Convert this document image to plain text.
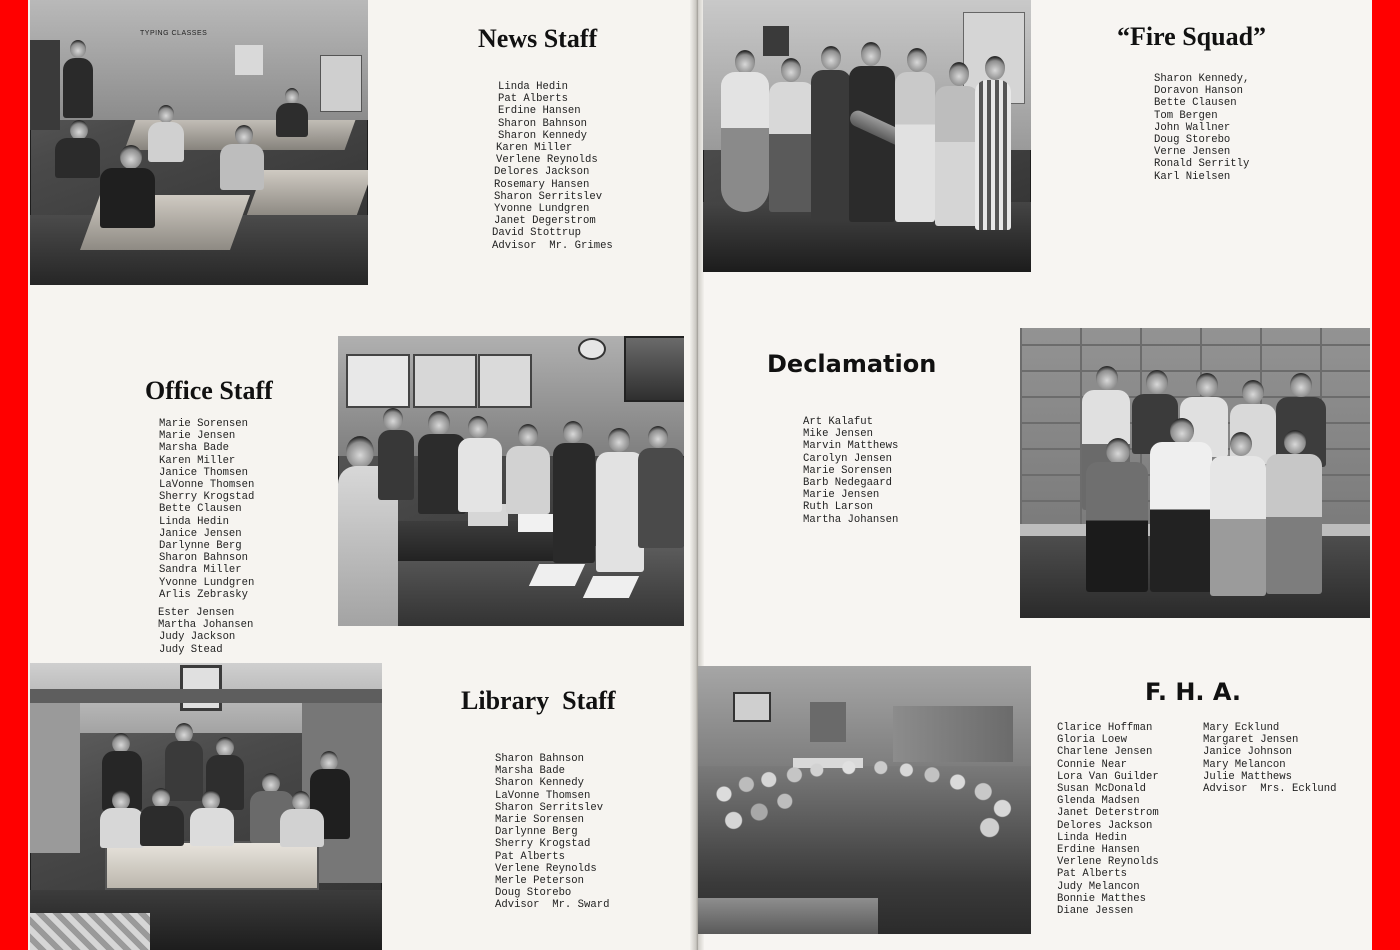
TYPING CLASSES	News Staff
Linda Hedin
Pat Alberts
Erdine Hansen
Sharon Bahnson
Sharon Kennedy
Karen Miller
Verlene Reynolds
Delores Jackson
Rosemary Hansen
Sharon Serritslev
Yvonne Lundgren
Janet Degerstrom
David Stottrup
Advisor  Mr. Grimes
Office Staff
Marie Sorensen
Marie Jensen
Marsha Bade
Karen Miller
Janice Thomsen
LaVonne Thomsen
Sherry Krogstad
Bette Clausen
Linda Hedin
Janice Jensen
Darlynne Berg
Sharon Bahnson
Sandra Miller
Yvonne Lundgren
Arlis Zebrasky
Ester Jensen
Martha Johansen
Judy Jackson
Judy Stead
Library  Staff
Sharon Bahnson
Marsha Bade
Sharon Kennedy
LaVonne Thomsen
Sharon Serritslev
Marie Sorensen
Darlynne Berg
Sherry Krogstad
Pat Alberts
Verlene Reynolds
Merle Peterson
Doug Storebo
Advisor  Mr. Sward
“Fire Squad”
Sharon Kennedy,
Doravon Hanson
Bette Clausen
Tom Bergen
John Wallner
Doug Storebo
Verne Jensen
Ronald Serritly
Karl Nielsen
Declamation
Art Kalafut
Mike Jensen
Marvin Matthews
Carolyn Jensen
Marie Sorensen
Barb Nedegaard
Marie Jensen
Ruth Larson
Martha Johansen
F. H. A.
Clarice Hoffman
Gloria Loew
Charlene Jensen
Connie Near
Lora Van Guilder
Susan McDonald
Glenda Madsen
Janet Deterstrom
Delores Jackson
Linda Hedin
Erdine Hansen
Verlene Reynolds
Pat Alberts
Judy Melancon
Bonnie Matthes
Diane Jessen
Mary Ecklund
Margaret Jensen
Janice Johnson
Mary Melancon
Julie Matthews
Advisor  Mrs. Ecklund
